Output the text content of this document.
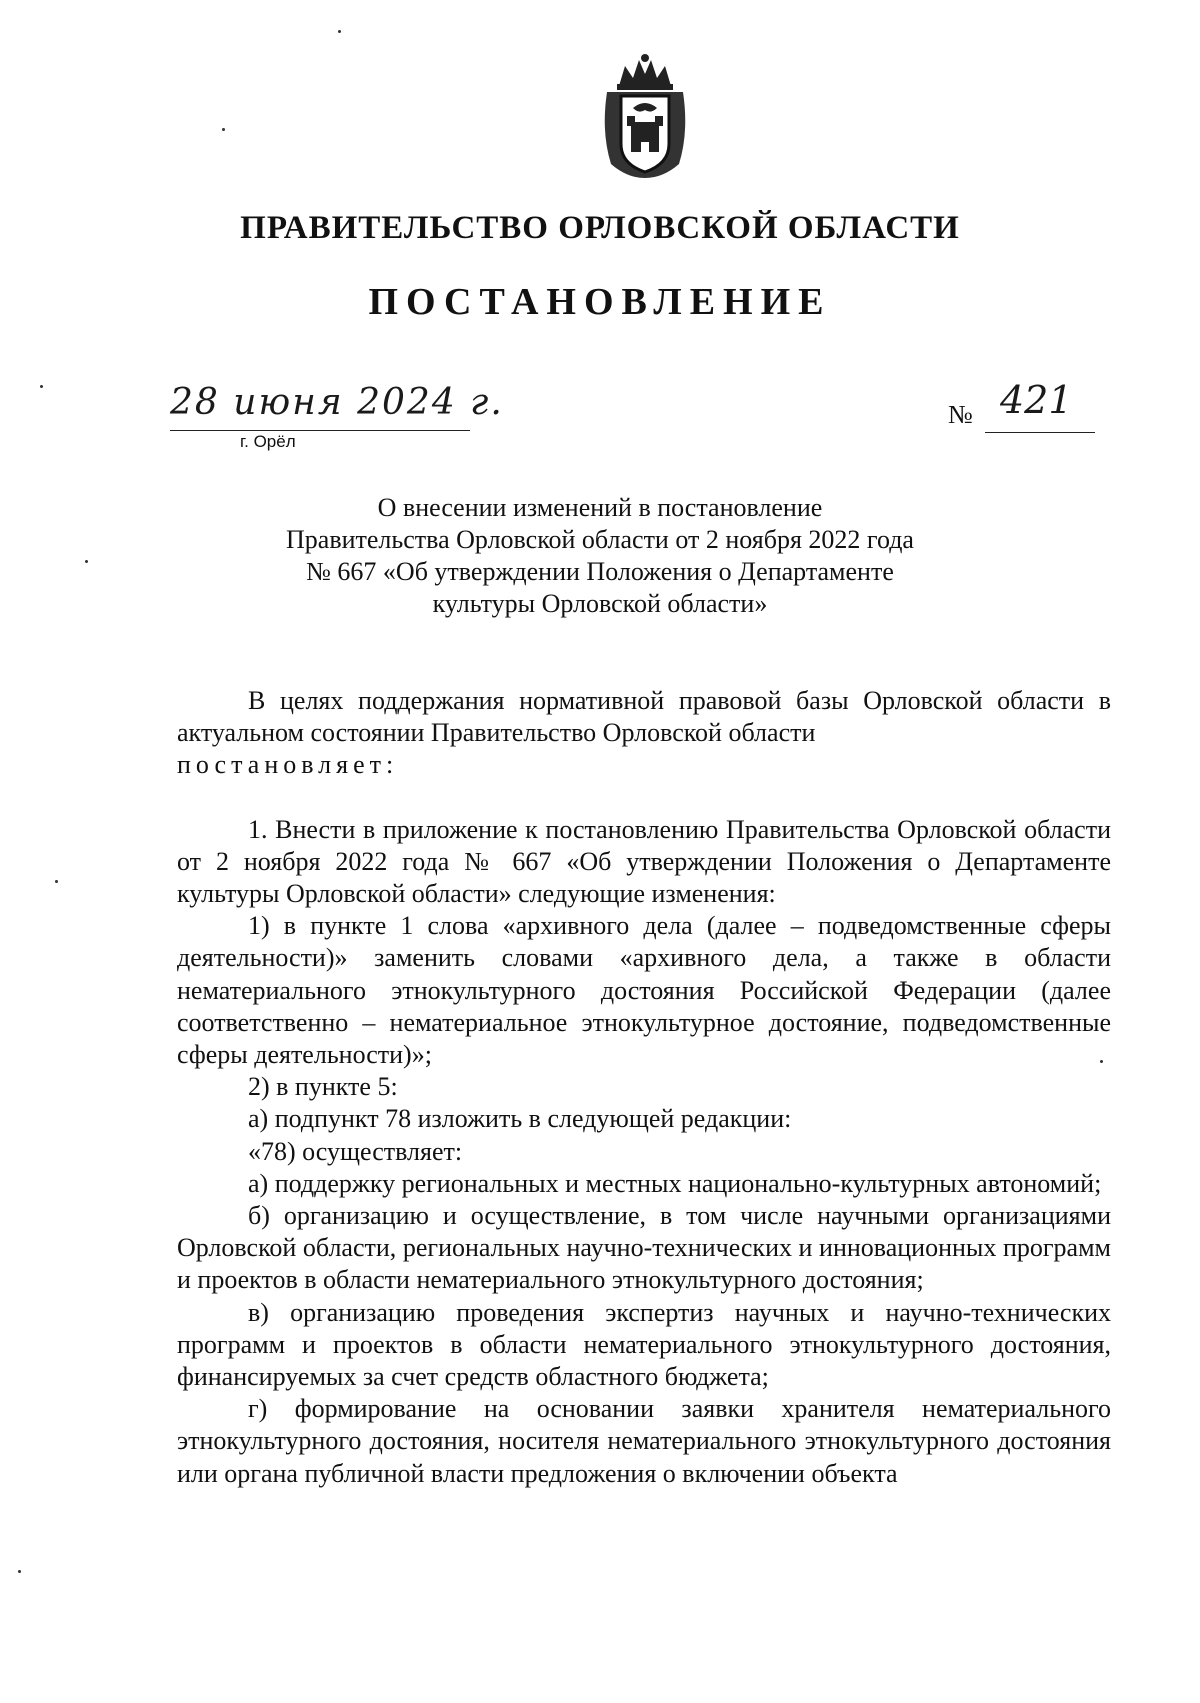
ПРАВИТЕЛЬСТВО ОРЛОВСКОЙ ОБЛАСТИ
ПОСТАНОВЛЕНИЕ
28 июня 2024 г.
г. Орёл
№ 421
О внесении изменений в постановление
Правительства Орловской области от 2 ноября 2022 года
№ 667 «Об утверждении Положения о Департаменте
культуры Орловской области»

В целях поддержания нормативной правовой базы Орловской области в актуальном состоянии Правительство Орловской области

постановляет:

1. Внести в приложение к постановлению Правительства Орловской области от 2 ноября 2022 года № 667 «Об утверждении Положения о Департаменте культуры Орловской области» следующие изменения:

1) в пункте 1 слова «архивного дела (далее – подведомственные сферы деятельности)» заменить словами «архивного дела, а также в области нематериального этнокультурного достояния Российской Федерации (далее соответственно – нематериальное этнокультурное достояние, подведомственные сферы деятельности)»;

2) в пункте 5:

а) подпункт 78 изложить в следующей редакции:

«78) осуществляет:

а) поддержку региональных и местных национально-культурных автономий;

б) организацию и осуществление, в том числе научными организациями Орловской области, региональных научно-технических и инновационных программ и проектов в области нематериального этнокультурного достояния;

в) организацию проведения экспертиз научных и научно-технических программ и проектов в области нематериального этнокультурного достояния, финансируемых за счет средств областного бюджета;

г) формирование на основании заявки хранителя нематериального этнокультурного достояния, носителя нематериального этнокультурного достояния или органа публичной власти предложения о включении объекта
